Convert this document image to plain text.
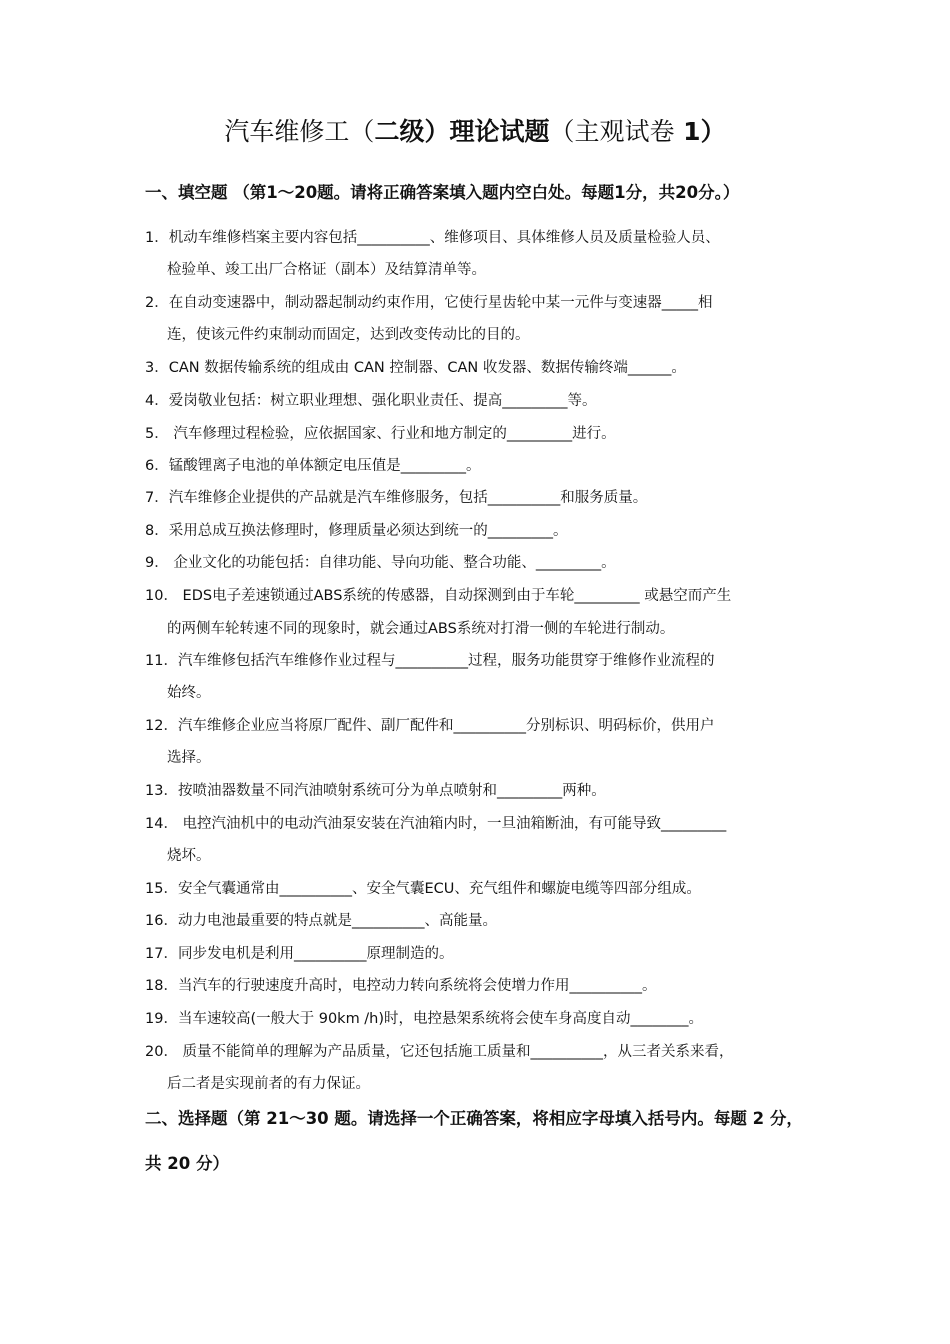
汽车维修工（二级）理论试题（主观试卷 1）
一、填空题 （第1～20题。请将正确答案填入题内空白处。每题1分，共20分。）
1．机动车维修档案主要内容包括__________、维修项目、具体维修人员及质量检验人员、
检验单、竣工出厂合格证（副本）及结算清单等。
2．在自动变速器中，制动器起制动约束作用，它使行星齿轮中某一元件与变速器_____相
连，使该元件约束制动而固定，达到改变传动比的目的。
3．CAN 数据传输系统的组成由 CAN 控制器、CAN 收发器、数据传输终端______。
4．爱岗敬业包括：树立职业理想、强化职业责任、提高_________等。
5． 汽车修理过程检验，应依据国家、行业和地方制定的_________进行。
6．锰酸锂离子电池的单体额定电压值是_________。
7．汽车维修企业提供的产品就是汽车维修服务，包括__________和服务质量。
8．采用总成互换法修理时，修理质量必须达到统一的_________。
9． 企业文化的功能包括：自律功能、导向功能、整合功能、_________。
10． EDS电子差速锁通过ABS系统的传感器，自动探测到由于车轮_________ 或悬空而产生
的两侧车轮转速不同的现象时，就会通过ABS系统对打滑一侧的车轮进行制动。
11．汽车维修包括汽车维修作业过程与__________过程，服务功能贯穿于维修作业流程的
始终。
12．汽车维修企业应当将原厂配件、副厂配件和__________分别标识、明码标价，供用户
选择。
13．按喷油器数量不同汽油喷射系统可分为单点喷射和_________两种。
14． 电控汽油机中的电动汽油泵安装在汽油箱内时，一旦油箱断油，有可能导致_________
烧坏。
15．安全气囊通常由__________、安全气囊ECU、充气组件和螺旋电缆等四部分组成。
16．动力电池最重要的特点就是__________、高能量。
17．同步发电机是利用__________原理制造的。
18．当汽车的行驶速度升高时，电控动力转向系统将会使增力作用__________。
19．当车速较高(一般大于 90km /h)时，电控悬架系统将会使车身高度自动________。
20． 质量不能简单的理解为产品质量，它还包括施工质量和__________，从三者关系来看，
后二者是实现前者的有力保证。
二、选择题（第 21～30 题。请选择一个正确答案，将相应字母填入括号内。每题 2 分，
共 20 分）
